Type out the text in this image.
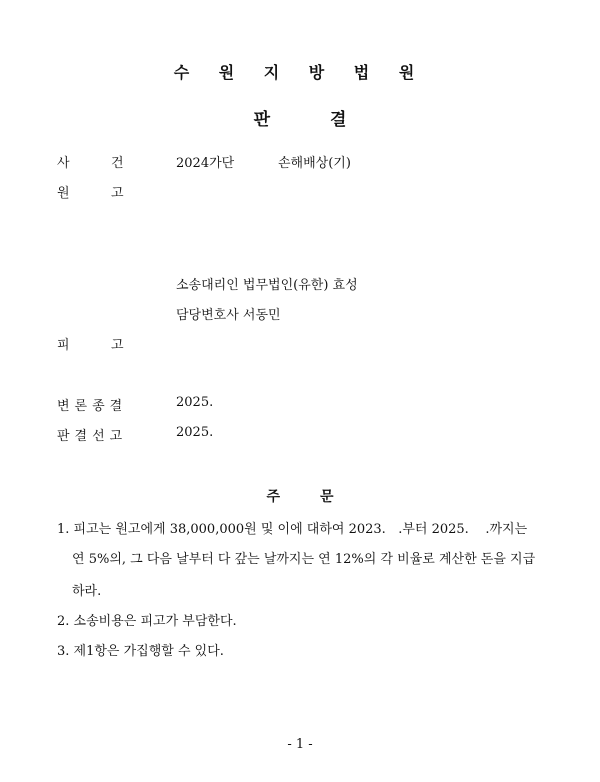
수 원 지 방 법 원
판	결
사	건	2024가단	손해배상(기)
원	고
소송대리인 법무법인(유한) 효성
담당변호사 서동민
피	고
변론종결	2025.
판결선고	2025.
주	문
1. 피고는 원고에게 38,000,000원 및 이에 대하여 2023.   .부터 2025.    .까지는
연 5%의, 그 다음 날부터 다 갚는 날까지는 연 12%의 각 비율로 계산한 돈을 지급
하라.
2. 소송비용은 피고가 부담한다.
3. 제1항은 가집행할 수 있다.
- 1 -
